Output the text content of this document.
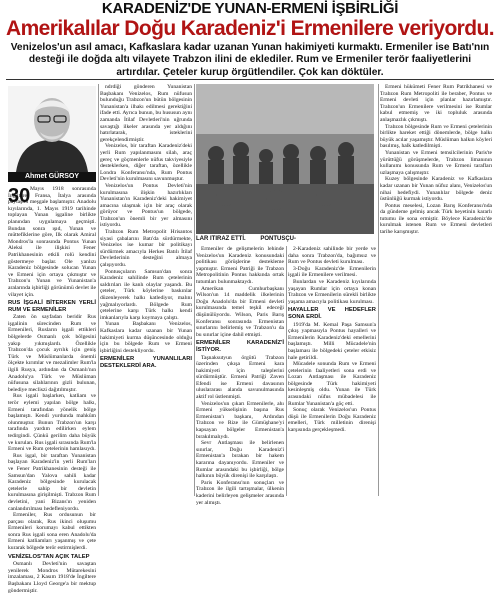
KARADENİZ'DE YUNAN-ERMENİ İŞBİRLİĞİ
Amerikalılar Doğu Karadeniz'i Ermenilere veriyordu.
Venizelos'un asıl amacı, Kafkaslara kadar uzanan Yunan hakimiyeti kurmaktı. Ermeniler ise Batı'nın desteği ile doğda altı vilayete Trabzon ilini de eklediler. Rum ve Ermeniler terör faaliyetlerini artırdılar. Çeteler kurup örgütlendiler. Çok kan döktüler.
Ahmet GÜRSOY
30 Mayıs 1918 sonrasında İngiltere, Fransa, İtalya arasında paylaşım meşgale başlamıştır. Anadolu kıyılarında, 1. Mayıs 1919 tarihinde toplayan Yunan işgaline birlikte planından uygulamaya geçmişti. Bundan sonra ışıd, Yunan ve müttefiklerine göre, Ilk olarak Amiral Mondros'la sonrasında Pontus Yunan Aleksi ile ilişkisi Fener Patrikhanesinin etkili rolü kendini göstermeye başlar. Ole yanlızı Karadeniz bölgesinde solucan Yunan ve Ermeni için ortaya çıkmıştır ve Trabzon'u Yunan ve Yunanistan'a aralarında işbirliği görünümü devlet ile vilayet için.

RUS İŞGALİ BİTERKEN YERLİ RUM VE ERMENİLER

Zaten ön sayfadan beridir Rus işgalinin sürecinden Rum ve Ermenileri, Rusların işgali ettikleri bölgelerde Osmanlı çok bölgesini yakıp yıkmışlardı. Özellikle Trabzon'da çocuk ayrılık için geniş Türk ve Müslümanlarda önemli ölçekte kırımlar ve mezalimler Rum'la ilgili Rusya, ardından da Osmanlı'nın Anadolu'ya Türk ve Müslüman nüfusuna silahlarının gizli bulunan, belediye mecliszi dağıtılmıştır.

Rus işgali başlarken, katliam ve terör eylemi yapılan bölge halkı, Ermeni tarafından yönelik bölge başlamıştı. Kendi yurdunda mahkûm olunmuştur. Bunun Trabzon'un karşı tarafında yardım edilirken eylem tedirgindi. Çünkü gerilim daha büyük ve kurulan. Rus işgali sırasında Rum'la Ermeni ve Rum çetelerinin hamlasıydı.

Rus işgal, bir taraftan Yunanistan başlayan Karadeniz'in yerli Rum'ları ve Fener Patrikhanesinin desteği ile Samsun'dan Yalova sahili kadar Karadeniz bölgesinde kurulacak çetelerle sahip bir devletin kurulmasına girişilmişti. Trabzon Rum devletini, yani Bizans'ın yeniden canlandırılması hedefleniyordu.

Ermeniler, Rus ordusunun bir parçası olarak, Rus ikinci oluşumu Ermenileri korumayı kabul ettikten sonra Rus işgali sona eren Anadolu'da Ermeni katliamları yaşanmış ve çete kurarak bölgede terör estirmişlerdi.

VENİZELOS'TAN AÇIK TALEP

Osmanlı Devleti'nin savaştan yenilerek Mondros Mütarekesini imzalaması, 2 Kasım 1918'de İngiltere Başbakanı Lloyd George'a bir mektup göndermiştir.

ndrdiği gönderen Yunanistan Başbakanı Venizelos, Rum nüfusun bulunduğu Trabzon'un bütün bölgesinin Yunanistan'a ilhakı edilmesi gerektiğini ifade etti. Ayrıca bunun, bu hususun aynı zamanda İtilaf Devletleri'nin uğrunda savaştığı ilkeler arasında yer aldığını hatırlatarak, isteklerini gerekçelendirmiştir.

Venizelos, bir taraftan Karadeniz'deki yerli Rum yapılanmasını silah, araç gereç ve göçmenlerle nüfus takviyesiyle desteklerken, diğer taraftan, özellikle Londra Konferansı'nda, Rum Pontus Devleti'nin kurulmasını savunmuştur.

Venizelos'un Pontus Devleti'nin kurulmasına ilişkin hazırlıkları Yunanistan'ın Karadeniz'deki hakimiyet amacına ulaşmak için bir araç olarak görüyor ve Pontus'un bölgede, Trabzon'un önemli bir yer almasını istiyordu.

Trabzon Rum Metropolit Hrisantos siyasi çabalarını Batı'da sürdürmekte, Venizelos ise kumar bir politikayı sürdürmek amacıyla Herkes Batılı İtilaf Devletlerinin desteğini almaya çalışıyordu.

Pontusçuların Samsun'dan sonra Karadeniz sahilinde Rum çetelerinin saldırıları ile kanlı olaylar yaşandı. Bu çeteler, Türk köylerine baskınlar düzenleyerek halkı katlediyor, malını yağmalıyorlardı. Bölgede Rum çetelerine karşı Türk halkı kendi imkanlarıyla karşı koymaya çalıştı.

Yunan Başbakanı Venizelos, Kafkaslara kadar uzanan bir Yunan hakimiyeti kurma düşüncesinde olduğu için bu bölgede Rum ve Ermeni işbirliğini destekliyordu.

ERMENİLER YUNANLILARI DESTEKLERDİ ARA.

LAR ITIRAZ ETTİ.	PONTUSÇU-

Ermeniler de gelişmelerin lehinde Venizelos'un Karadeniz konusundaki politikası görüşlerine destekleme yapmıştır. Ermeni Patriği ile Trabzon Metropolitinin Pontus hakkında ortak tutumları bulunmaktaydı.

Amerikan Cumhurbaşkanı Wilson'un 14 maddelik ilkelerinin Doğu Anadolu'da bir Ermeni devleti kurulmasında temel teşkil edeceği düşünülüyordu. Wilson, Paris Barış Konferansı sonrasında Ermenistan sınırlarını belirlemiş ve Trabzon'u da bu sınırlar içine dahil etmişti.

ERMENİLER KARADENİZ'İ İSTİYOR.

Taşnaksutyun örgütü Trabzon üzerinden çıkışa Ermeni kara hakimiyeti için taleplerini sürdürmüştür. Ermeni Patriği Zaven Efendi ise Ermeni davasının uluslararası alanda savunulmasında aktif rol üstlenmişti.

Venizelos'un çıkarı Ermenilerle, ahı Ermeni yükselişinin başına Rus Ermenistan'ı başkanı, Ardından Trabzon ve Rize ile Gümüşhane'yi kapsayan bölgeler Ermenistan'a bırakılmalıydı.

Sevr Antlaşması ile belirlenen sınırlar, Doğu Karadeniz'i Ermenistan'a bırakan bir hakem kararına dayanıyordu. Ermeniler ve Rumlar arasındaki bu işbirliği, bölge halkının büyük direnişi ile karşılaştı.

Paris Konferansı'nın sonuçları ve Trabzon ile ilgili tartışmalar, ülkenin kaderini belirleyen gelişmeler arasında yer almıştı.

2-Karadeniz sahilinde bir yerde ve daha sonra Trabzon'da, bağımsız ve Rum ve Pontus devleti kurulması.

3-Doğu Karadeniz'de Ermenilerin işgali ile Ermenilere verilmesi.

Bunlardan ve Karadeniz kıyılarında yaşayan Rumlar için ortaya konan Trabzon ve Ermenilerin sürekli birlikte yaşama amacıyla politikası kurulması.

HAYALLER VE HEDEFLER SONA ERDİ.

1919'da M. Kemal Paşa Samsun'a çıkış yapmasıyla Pontus hayalleri ve Ermenilerin Karadeniz'deki emellerini başlamıştı. Milli Mücadele'nin başlaması ile bölgedeki çeteler etkisiz hale getirildi.

Mücadele sonunda Rum ve Ermeni çetelerinin faaliyetleri sona erdi ve Lozan Antlaşması ile Karadeniz bölgesinde Türk hakimiyeti kesinleşmiş oldu. Yunan ile Türk arasındaki nüfus mübadelesi ile Rumlar Yunanistan'a göç etti.

Sonuç olarak Venizelos'un Pontus düşü ile Ermenilerin Doğu Karadeniz emelleri, Türk milletinin direnişi karşısında gerçekleşmedi.

Ermeni hükümeti Fener Rum Patrikhanesi ve Trabzon Rum Metropoliti ile beraber, Pontus ve Ermeni devleti için planlar hazırlamıştır. Trabzon'un Ermenilere verilmesini ise Rumlar kabul etmemiş ve iki topluluk arasında anlaşmazlık çıkmıştı.

Trabzon bölgesinde Rum ve Ermeni çetelerinin birlikte hareket ettiği dönemlerde, bölge halkı büyük acılar yaşamıştır. Müslüman halkın köyleri basılmış, halk katledilmişti.

Yunanistan ve Ermeni temsilcilerinin Paris'te yürüttüğü görüşmelerde, Trabzon limanının kullanımı konusunda Rum ve Ermeni tarafları uzlaşmaya çalışmıştır.

Kuzey bölgesinde Karadeniz ve Kafkaslara kadar uzanan bir Yunan nüfuz alanı, Venizelos'un nihai hedefiydi. Yunanlılar bölgede deniz üstünlüğü kurmak istiyordu.

Pontus meselesi, Lozan Barış Konferansı'nda da gündeme gelmiş ancak Türk heyetinin kararlı tutumu ile sona ermiştir. Böylece Karadeniz'de kurulmak istenen Rum ve Ermeni devletleri tarihe karışmıştır.
